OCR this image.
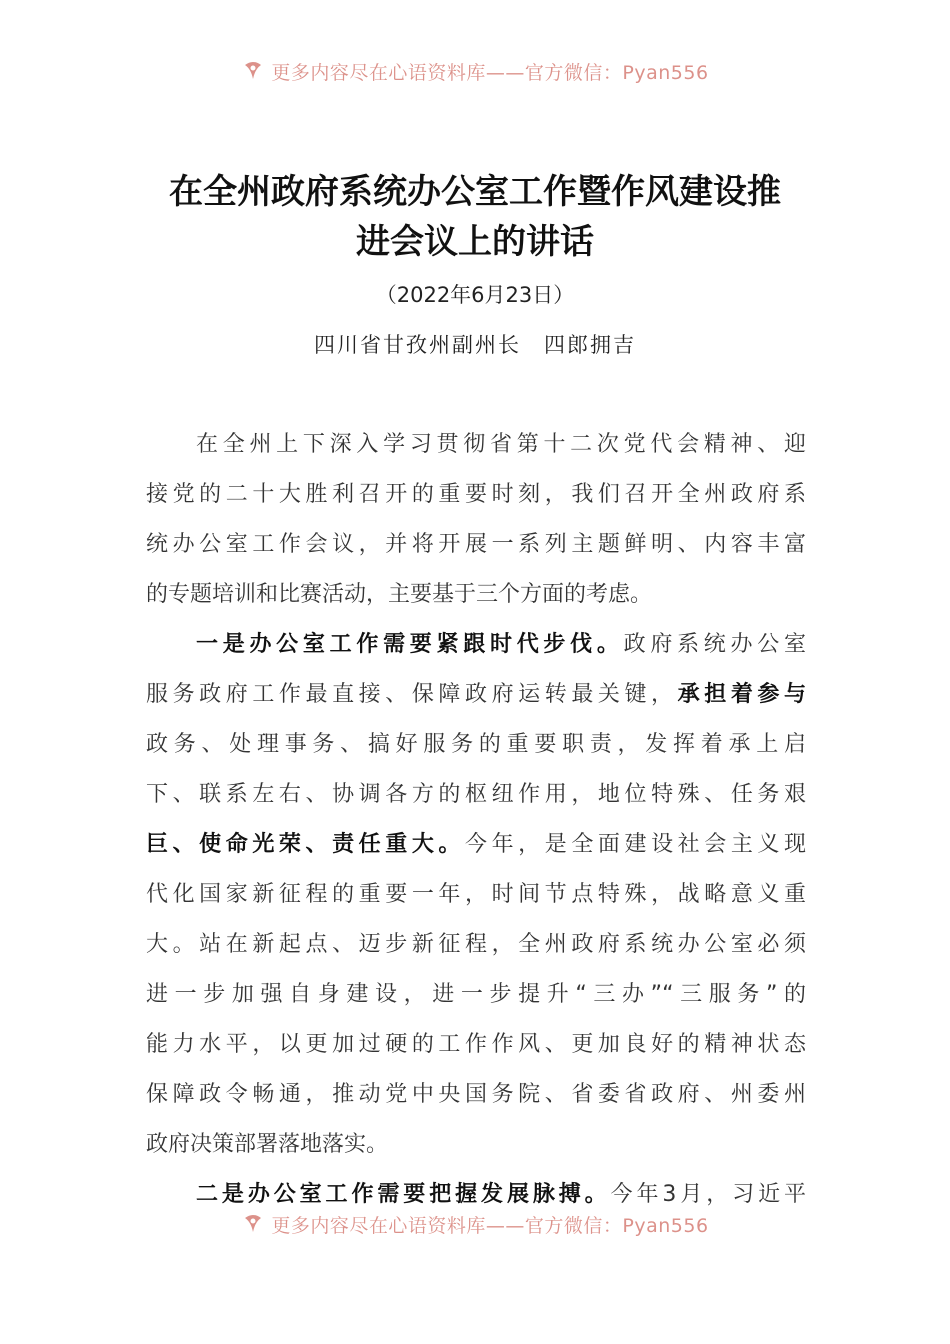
更多内容尽在心语资料库——官方微信：Pyan556
在全州政府系统办公室工作暨作风建设推
进会议上的讲话
（2022年6月23日）
四川省甘孜州副州长　四郎拥吉
在全州上下深入学习贯彻省第十二次党代会精神、迎
接党的二十大胜利召开的重要时刻，我们召开全州政府系
统办公室工作会议，并将开展一系列主题鲜明、内容丰富
的专题培训和比赛活动，主要基于三个方面的考虑。
一是办公室工作需要紧跟时代步伐。政府系统办公室
服务政府工作最直接、保障政府运转最关键，承担着参与
政务、处理事务、搞好服务的重要职责，发挥着承上启
下、联系左右、协调各方的枢纽作用，地位特殊、任务艰
巨、使命光荣、责任重大。今年，是全面建设社会主义现
代化国家新征程的重要一年，时间节点特殊，战略意义重
大。站在新起点、迈步新征程，全州政府系统办公室必须
进一步加强自身建设，进一步提升“三办”“三服务”的
能力水平，以更加过硬的工作作风、更加良好的精神状态
保障政令畅通，推动党中央国务院、省委省政府、州委州
政府决策部署落地落实。
二是办公室工作需要把握发展脉搏。今年3月，习近平
更多内容尽在心语资料库——官方微信：Pyan556
